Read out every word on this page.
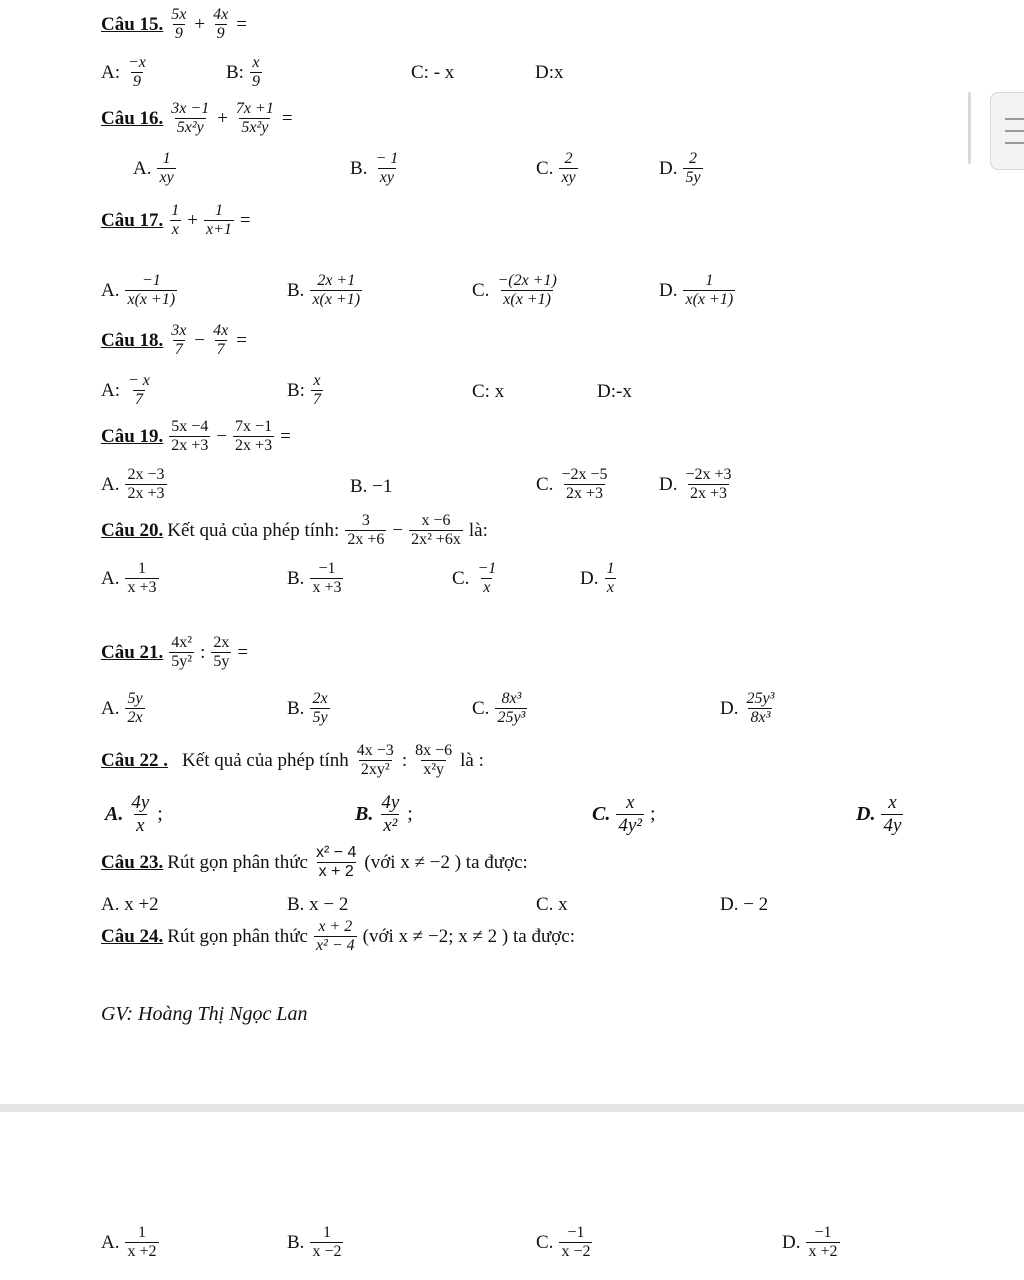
Câu 15. $\frac{5x}{9} + \frac{4x}{9}$ =
A: $\frac{-x}{9}$	B: $\frac{x}{9}$	C: - x	D:x
Câu 16. $\frac{3x -1}{\text{5x²y}} + \frac{7x +1}{\text{5x²y}}$ =
A. $\frac{1}{xy}$	B. $\frac{- 1}{xy}$	C. $\frac{2}{xy}$	D. $\frac{2}{5y}$
Câu 17. $\frac{1}{x} + \frac{1}{x+1}$ =
A. $\frac{-1}{x(x +1)}$	B. $\frac{2x +1}{x(x +1)}$	C. $\frac{-(2x +1)}{x(x +1)}$	D. $\frac{1}{x(x +1)}$
Câu 18. $\frac{3x}{7} - \frac{4x}{7}$ =
A: $\frac{- x}{7}$	B: $\frac{x}{7}$	C: x	D:-x
Câu 19. $\frac{5x -4}{2x +3} - \frac{7x -1}{2x +3}$ =
A. $\frac{2x -3}{2x +3}$	B. −1	C. $\frac{-2x -5}{2x +3}$	D. $\frac{-2x +3}{2x +3}$
Câu 20. Kết quả của phép tính: $\frac{3}{2x +6} - \frac{x -6}{\text{2x² +6x}}$ là:
A. $\frac{1}{x +3}$	B. $\frac{-1}{x +3}$	C. $\frac{-1}{x}$	D. $\frac{1}{x}$
Câu 21. $\frac{\text{4x²}}{\text{5y²}}$ : $\frac{2x}{5y}$ =
A. $\frac{5y}{2x}$	B. $\frac{2x}{5y}$	C. $\frac{\text{8x³}}{\text{25y³}}$	D. $\frac{\text{25y³}}{\text{8x³}}$
Câu 22 . Kết quả của phép tính $\frac{4x -3}{\text{2xy²}}$ : $\frac{8x -6}{\text{x²y}}$ là :
A. $\frac{4y}{x}$ ;	B. $\frac{4y}{\text{x²}}$ ;	C. $\frac{x}{\text{4y²}}$ ;	D. $\frac{x}{4y}$
Câu 23. Rút gọn phân thức $\frac{\text{x² − 4}}{x + 2}$ (với x ≠ −2 ) ta được:
A. x +2	B. x − 2	C. x	D. − 2
Câu 24. Rút gọn phân thức $\frac{x + 2}{\text{x² − 4}}$ (với x ≠ −2; x ≠ 2 ) ta được:
GV: Hoàng Thị Ngọc Lan
A. $\frac{1}{x +2}$	B. $\frac{1}{x -2}$	C. $\frac{-1}{x -2}$	D. $\frac{-1}{x +2}$
